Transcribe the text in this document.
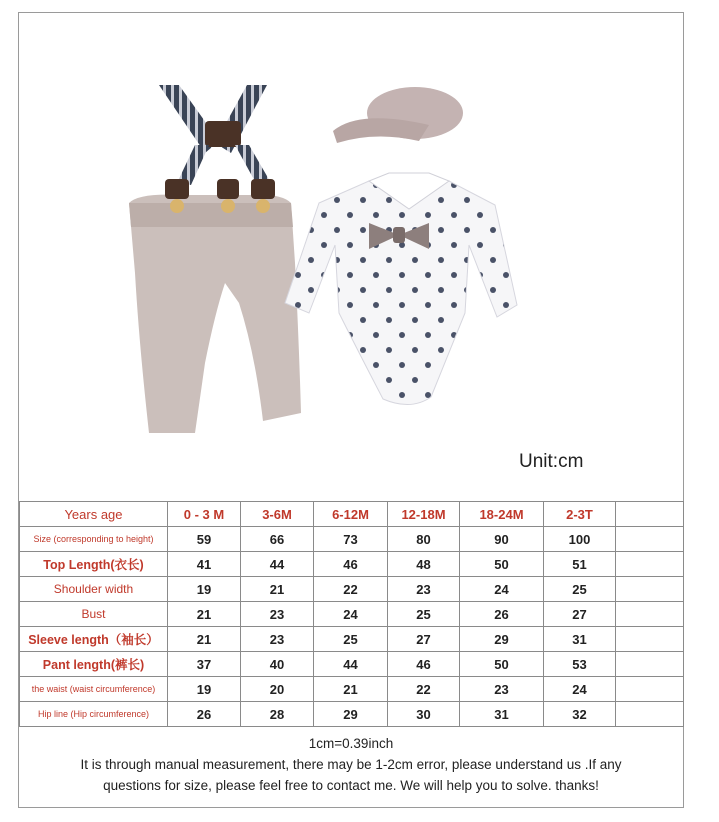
Unit:cm
Years age	0 - 3 M	3-6M	6-12M	12-18M	18-24M	2-3T	
Size (corresponding to height)	59	66	73	80	90	100	
Top Length(衣长)	41	44	46	48	50	51	
Shoulder width	19	21	22	23	24	25	
Bust	21	23	24	25	26	27	
Sleeve length（袖长）	21	23	25	27	29	31	
Pant length(裤长)	37	40	44	46	50	53	
the waist (waist circumference)	19	20	21	22	23	24	
Hip line (Hip circumference)	26	28	29	30	31	32	
1cm=0.39inch
It is through manual measurement, there may be 1-2cm error, please understand us .If any
questions for size, please feel free to contact me. We will help you to solve. thanks!
